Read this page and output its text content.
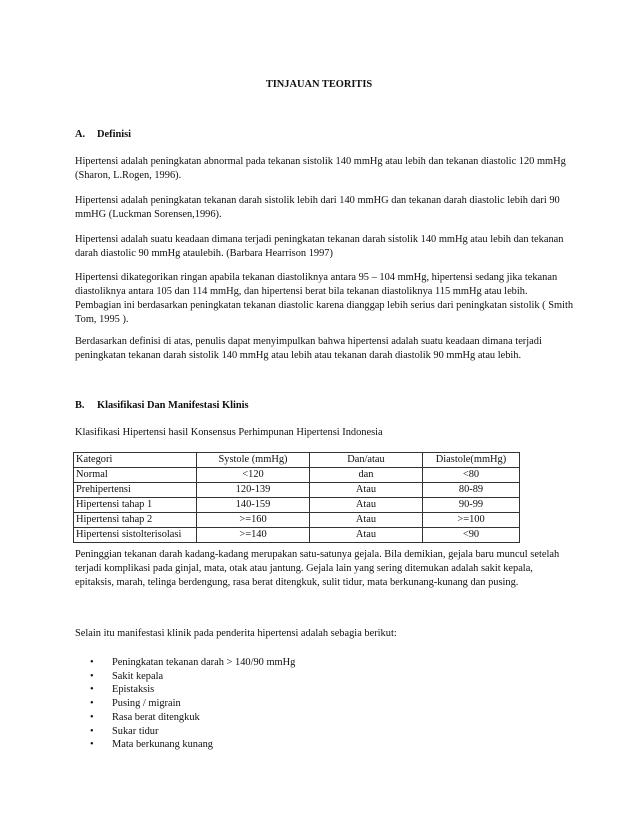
TINJAUAN TEORITIS
A. Definisi

Hipertensi adalah peningkatan abnormal pada tekanan sistolik 140 mmHg atau lebih dan tekanan diastolic 120 mmHg (Sharon, L.Rogen, 1996).

Hipertensi adalah peningkatan tekanan darah sistolik lebih dari 140 mmHG dan tekanan darah diastolic lebih dari 90 mmHG (Luckman Sorensen,1996).

Hipertensi adalah suatu keadaan dimana terjadi peningkatan tekanan darah sistolik 140 mmHg atau lebih dan tekanan darah diastolic 90 mmHg ataulebih. (Barbara Hearrison 1997)

Hipertensi dikategorikan ringan apabila tekanan diastoliknya antara 95 – 104 mmHg, hipertensi sedang jika tekanan diastoliknya antara 105 dan 114 mmHg, dan hipertensi berat bila tekanan diastoliknya 115 mmHg atau lebih. Pembagian ini berdasarkan peningkatan tekanan diastolic karena dianggap lebih serius dari peningkatan sistolik ( Smith Tom, 1995 ).

Berdasarkan definisi di atas, penulis dapat menyimpulkan bahwa hipertensi adalah suatu keadaan dimana terjadi peningkatan tekanan darah sistolik 140 mmHg atau lebih atau tekanan darah diastolik 90 mmHg atau lebih.

B. Klasifikasi Dan Manifestasi Klinis

Klasifikasi Hipertensi hasil Konsensus Perhimpunan Hipertensi Indonesia

Kategori	Systole (mmHg)	Dan/atau	Diastole(mmHg)
Normal	<120	dan	<80
Prehipertensi	120-139	Atau	80-89
Hipertensi tahap 1	140-159	Atau	90-99
Hipertensi tahap 2	>=160	Atau	>=100
Hipertensi sistolterisolasi	>=140	Atau	<90

Peninggian tekanan darah kadang-kadang merupakan satu-satunya gejala. Bila demikian, gejala baru muncul setelah terjadi komplikasi pada ginjal, mata, otak atau jantung. Gejala lain yang sering ditemukan adalah sakit kepala, epitaksis, marah, telinga berdengung, rasa berat ditengkuk, sulit tidur, mata berkunang-kunang dan pusing.

Selain itu manifestasi klinik pada penderita hipertensi adalah sebagia berikut:

• Peningkatan tekanan darah > 140/90 mmHg
• Sakit kepala
• Epistaksis
• Pusing / migrain
• Rasa berat ditengkuk
• Sukar tidur
• Mata berkunang kunang
